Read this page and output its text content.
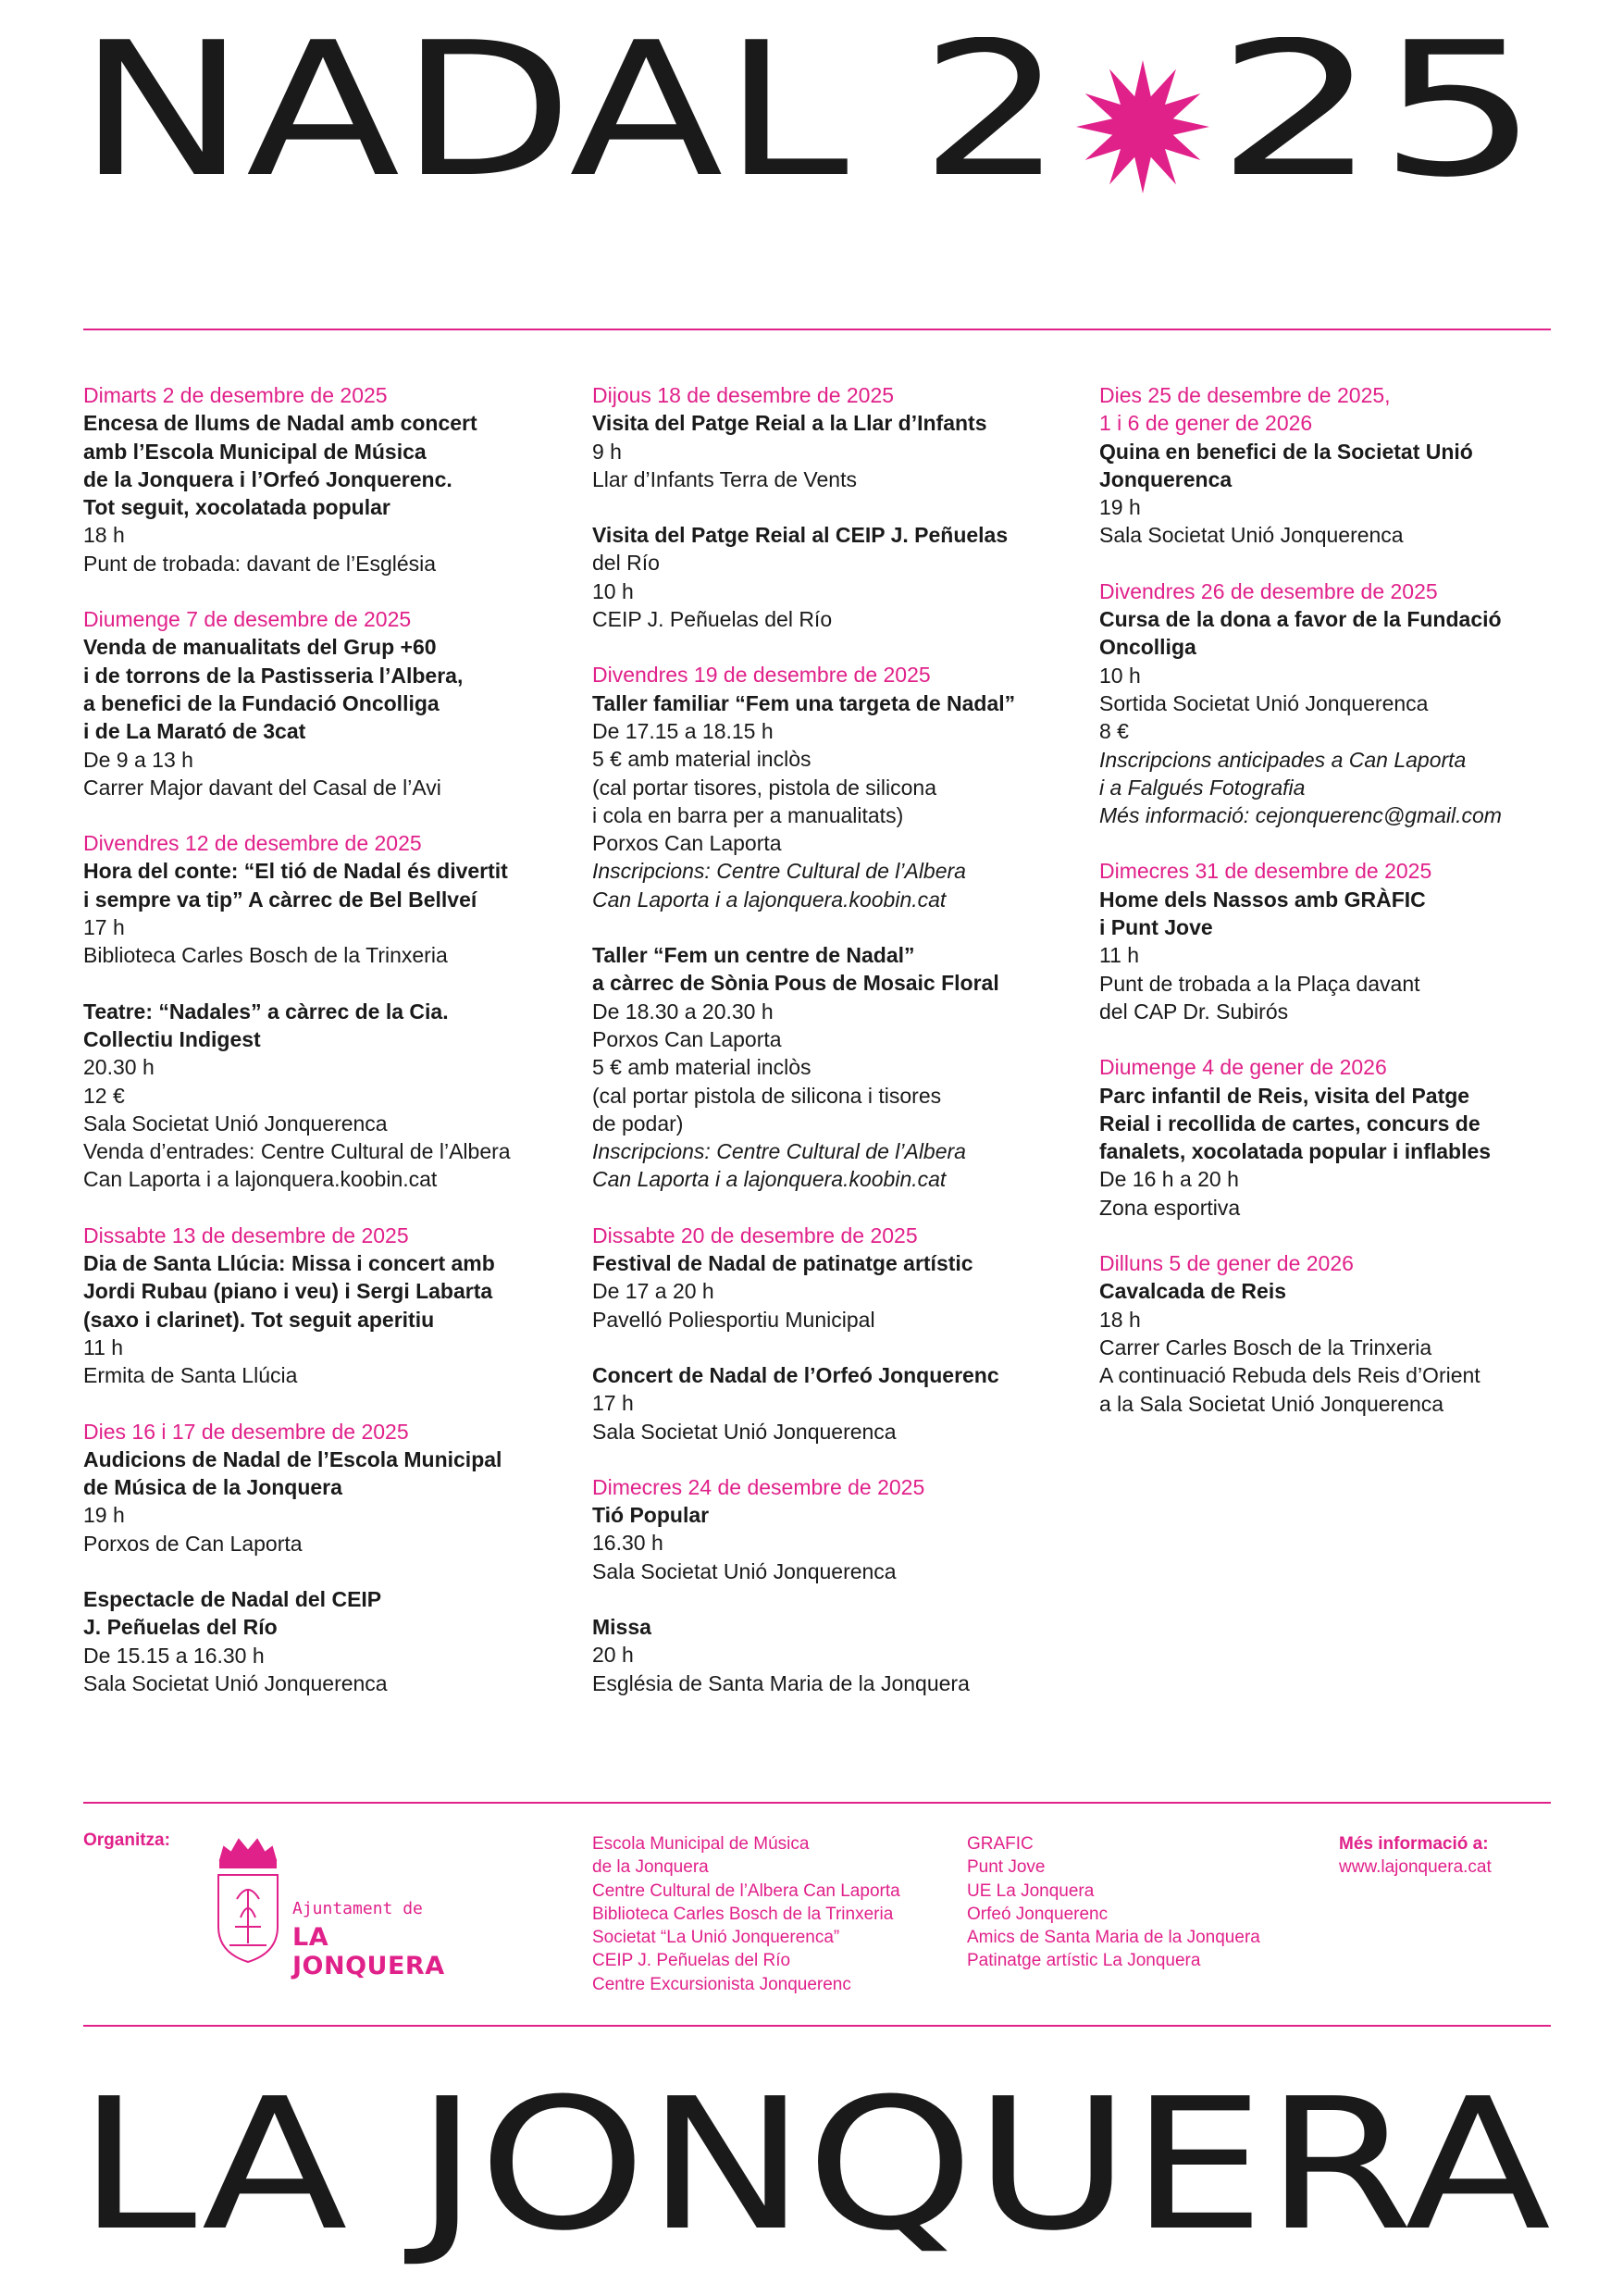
NADAL 2 25
Dimarts 2 de desembre de 2025
Encesa de llums de Nadal amb concert
amb l’Escola Municipal de Música
de la Jonquera i l’Orfeó Jonquerenc.
Tot seguit, xocolatada popular
18 h
Punt de trobada: davant de l’Església
Diumenge 7 de desembre de 2025
Venda de manualitats del Grup +60
i de torrons de la Pastisseria l’Albera,
a benefici de la Fundació Oncolliga
i de La Marató de 3cat
De 9 a 13 h
Carrer Major davant del Casal de l’Avi
Divendres 12 de desembre de 2025
Hora del conte: “El tió de Nadal és divertit
i sempre va tip” A càrrec de Bel Bellveí
17 h
Biblioteca Carles Bosch de la Trinxeria
Teatre: “Nadales” a càrrec de la Cia.
Collectiu Indigest
20.30 h
12 €
Sala Societat Unió Jonquerenca
Venda d’entrades: Centre Cultural de l’Albera
Can Laporta i a lajonquera.koobin.cat
Dissabte 13 de desembre de 2025
Dia de Santa Llúcia: Missa i concert amb
Jordi Rubau (piano i veu) i Sergi Labarta
(saxo i clarinet). Tot seguit aperitiu
11 h
Ermita de Santa Llúcia
Dies 16 i 17 de desembre de 2025
Audicions de Nadal de l’Escola Municipal
de Música de la Jonquera
19 h
Porxos de Can Laporta
Espectacle de Nadal del CEIP
J. Peñuelas del Río
De 15.15 a 16.30 h
Sala Societat Unió Jonquerenca
Dijous 18 de desembre de 2025
Visita del Patge Reial a la Llar d’Infants
9 h
Llar d’Infants Terra de Vents
Visita del Patge Reial al CEIP J. Peñuelas
del Río
10 h
CEIP J. Peñuelas del Río
Divendres 19 de desembre de 2025
Taller familiar “Fem una targeta de Nadal”
De 17.15 a 18.15 h
5 € amb material inclòs
(cal portar tisores, pistola de silicona
i cola en barra per a manualitats)
Porxos Can Laporta
Inscripcions: Centre Cultural de l’Albera
Can Laporta i a lajonquera.koobin.cat
Taller “Fem un centre de Nadal”
a càrrec de Sònia Pous de Mosaic Floral
De 18.30 a 20.30 h
Porxos Can Laporta
5 € amb material inclòs
(cal portar pistola de silicona i tisores
de podar)
Inscripcions: Centre Cultural de l’Albera
Can Laporta i a lajonquera.koobin.cat
Dissabte 20 de desembre de 2025
Festival de Nadal de patinatge artístic
De 17 a 20 h
Pavelló Poliesportiu Municipal
Concert de Nadal de l’Orfeó Jonquerenc
17 h
Sala Societat Unió Jonquerenca
Dimecres 24 de desembre de 2025
Tió Popular
16.30 h
Sala Societat Unió Jonquerenca
Missa
20 h
Església de Santa Maria de la Jonquera
Dies 25 de desembre de 2025,
1 i 6 de gener de 2026
Quina en benefici de la Societat Unió
Jonquerenca
19 h
Sala Societat Unió Jonquerenca
Divendres 26 de desembre de 2025
Cursa de la dona a favor de la Fundació
Oncolliga
10 h
Sortida Societat Unió Jonquerenca
8 €
Inscripcions anticipades a Can Laporta
i a Falgués Fotografia
Més informació: cejonquerenc@gmail.com
Dimecres 31 de desembre de 2025
Home dels Nassos amb GRÀFIC
i Punt Jove
11 h
Punt de trobada a la Plaça davant
del CAP Dr. Subirós
Diumenge 4 de gener de 2026
Parc infantil de Reis, visita del Patge
Reial i recollida de cartes, concurs de
fanalets, xocolatada popular i inflables
De 16 h a 20 h
Zona esportiva
Dilluns 5 de gener de 2026
Cavalcada de Reis
18 h
Carrer Carles Bosch de la Trinxeria
A continuació Rebuda dels Reis d’Orient
a la Sala Societat Unió Jonquerenca
Organitza:
Ajuntament de
LA JONQUERA
Escola Municipal de Música
de la Jonquera
Centre Cultural de l’Albera Can Laporta
Biblioteca Carles Bosch de la Trinxeria
Societat “La Unió Jonquerenca”
CEIP J. Peñuelas del Río
Centre Excursionista Jonquerenc
GRAFIC
Punt Jove
UE La Jonquera
Orfeó Jonquerenc
Amics de Santa Maria de la Jonquera
Patinatge artístic La Jonquera
Més informació a:
www.lajonquera.cat
LA JONQUERA
